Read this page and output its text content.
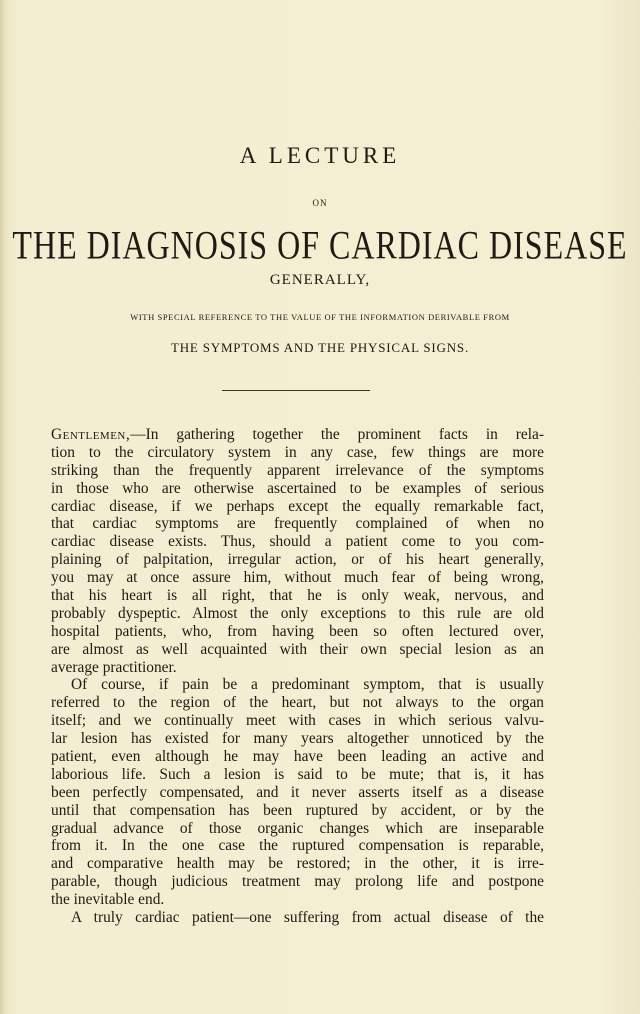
A LECTURE
ON
THE DIAGNOSIS OF CARDIAC DISEASE
GENERALLY,
WITH SPECIAL REFERENCE TO THE VALUE OF THE INFORMATION DERIVABLE FROM
THE SYMPTOMS AND THE PHYSICAL SIGNS.
Gentlemen,—In gathering together the prominent facts in rela-
tion to the circulatory system in any case, few things are more
striking than the frequently apparent irrelevance of the symptoms
in those who are otherwise ascertained to be examples of serious
cardiac disease, if we perhaps except the equally remarkable fact,
that cardiac symptoms are frequently complained of when no
cardiac disease exists. Thus, should a patient come to you com-
plaining of palpitation, irregular action, or of his heart generally,
you may at once assure him, without much fear of being wrong,
that his heart is all right, that he is only weak, nervous, and
probably dyspeptic. Almost the only exceptions to this rule are old
hospital patients, who, from having been so often lectured over,
are almost as well acquainted with their own special lesion as an
average practitioner.
Of course, if pain be a predominant symptom, that is usually
referred to the region of the heart, but not always to the organ
itself; and we continually meet with cases in which serious valvu-
lar lesion has existed for many years altogether unnoticed by the
patient, even although he may have been leading an active and
laborious life. Such a lesion is said to be mute; that is, it has
been perfectly compensated, and it never asserts itself as a disease
until that compensation has been ruptured by accident, or by the
gradual advance of those organic changes which are inseparable
from it. In the one case the ruptured compensation is reparable,
and comparative health may be restored; in the other, it is irre-
parable, though judicious treatment may prolong life and postpone
the inevitable end.
A truly cardiac patient—one suffering from actual disease of the
